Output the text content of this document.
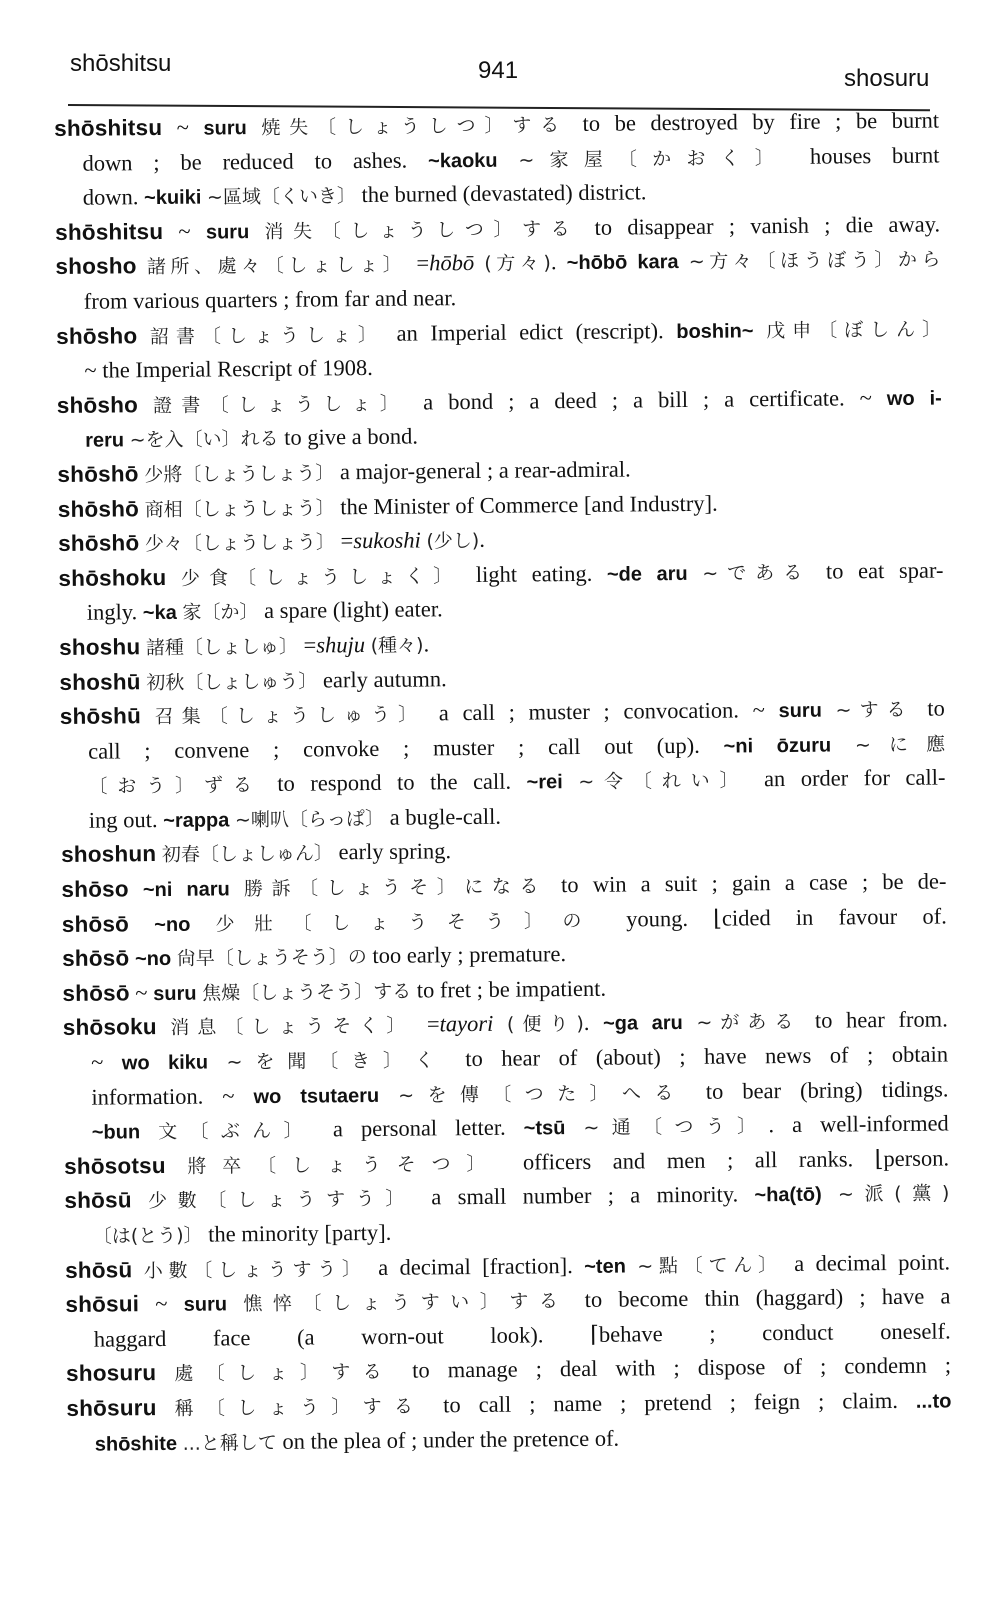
shōshitsu	941	shosuru
shōshitsu ~ suru 焼失〔しょうしつ〕する to be destroyed by fire ; be burnt
down ; be reduced to ashes. ~kaoku ~家屋〔かおく〕 houses burnt
down. ~kuiki ~區域〔くいき〕 the burned (devastated) district.
shōshitsu ~ suru 消失〔しょうしつ〕する to disappear ; vanish ; die away.
shosho 諸所、處々〔しょしょ〕 =hōbō (方々). ~hōbō kara ~方々〔ほうぼう〕から
from various quarters ; from far and near.
shōsho 詔書〔しょうしょ〕 an Imperial edict (rescript). boshin~ 戊申〔ぼしん〕
~ the Imperial Rescript of 1908.
shōsho 證書〔しょうしょ〕 a bond ; a deed ; a bill ; a certificate. ~ wo i-
reru ~を入〔い〕れる to give a bond.
shōshō 少將〔しょうしょう〕 a major-general ; a rear-admiral.
shōshō 商相〔しょうしょう〕 the Minister of Commerce [and Industry].
shōshō 少々〔しょうしょう〕 =sukoshi (少し).
shōshoku 少食〔しょうしょく〕 light eating. ~de aru ~である to eat spar-
ingly. ~ka 家〔か〕 a spare (light) eater.
shoshu 諸種〔しょしゅ〕 =shuju (種々).
shoshū 初秋〔しょしゅう〕 early autumn.
shōshū 召集〔しょうしゅう〕 a call ; muster ; convocation. ~ suru ~する to
call ; convene ; convoke ; muster ; call out (up). ~ni ōzuru ~に應
〔おう〕ずる to respond to the call. ~rei ~令〔れい〕 an order for call-
ing out. ~rappa ~喇叭〔らっぱ〕 a bugle-call.
shoshun 初春〔しょしゅん〕 early spring.
shōso ~ni naru 勝訴〔しょうそ〕になる to win a suit ; gain a case ; be de-
shōsō ~no 少壯〔しょうそう〕の young. ⌊cided in favour of.
shōsō ~no 尙早〔しょうそう〕の too early ; premature.
shōsō ~ suru 焦燥〔しょうそう〕する to fret ; be impatient.
shōsoku 消息〔しょうそく〕 =tayori (便り). ~ga aru ~がある to hear from.
~ wo kiku ~を聞〔き〕く to hear of (about) ; have news of ; obtain
information. ~ wo tsutaeru ~を傳〔つた〕へる to bear (bring) tidings.
~bun 文〔ぶん〕 a personal letter. ~tsū ~通〔つう〕. a well-informed
shōsotsu 將卒〔しょうそつ〕 officers and men ; all ranks. ⌊person.
shōsū 少數〔しょうすう〕 a small number ; a minority. ~ha(tō) ~派(黨)
〔は(とう)〕 the minority [party].
shōsū 小數〔しょうすう〕 a decimal [fraction]. ~ten ~點〔てん〕 a decimal point.
shōsui ~ suru 憔悴〔しょうすい〕する to become thin (haggard) ; have a
haggard face (a worn-out look). ⌈behave ; conduct oneself.
shosuru 處〔しょ〕する to manage ; deal with ; dispose of ; condemn ;
shōsuru 稱〔しょう〕する to call ; name ; pretend ; feign ; claim. ...to
shōshite ...と稱して on the plea of ; under the pretence of.
